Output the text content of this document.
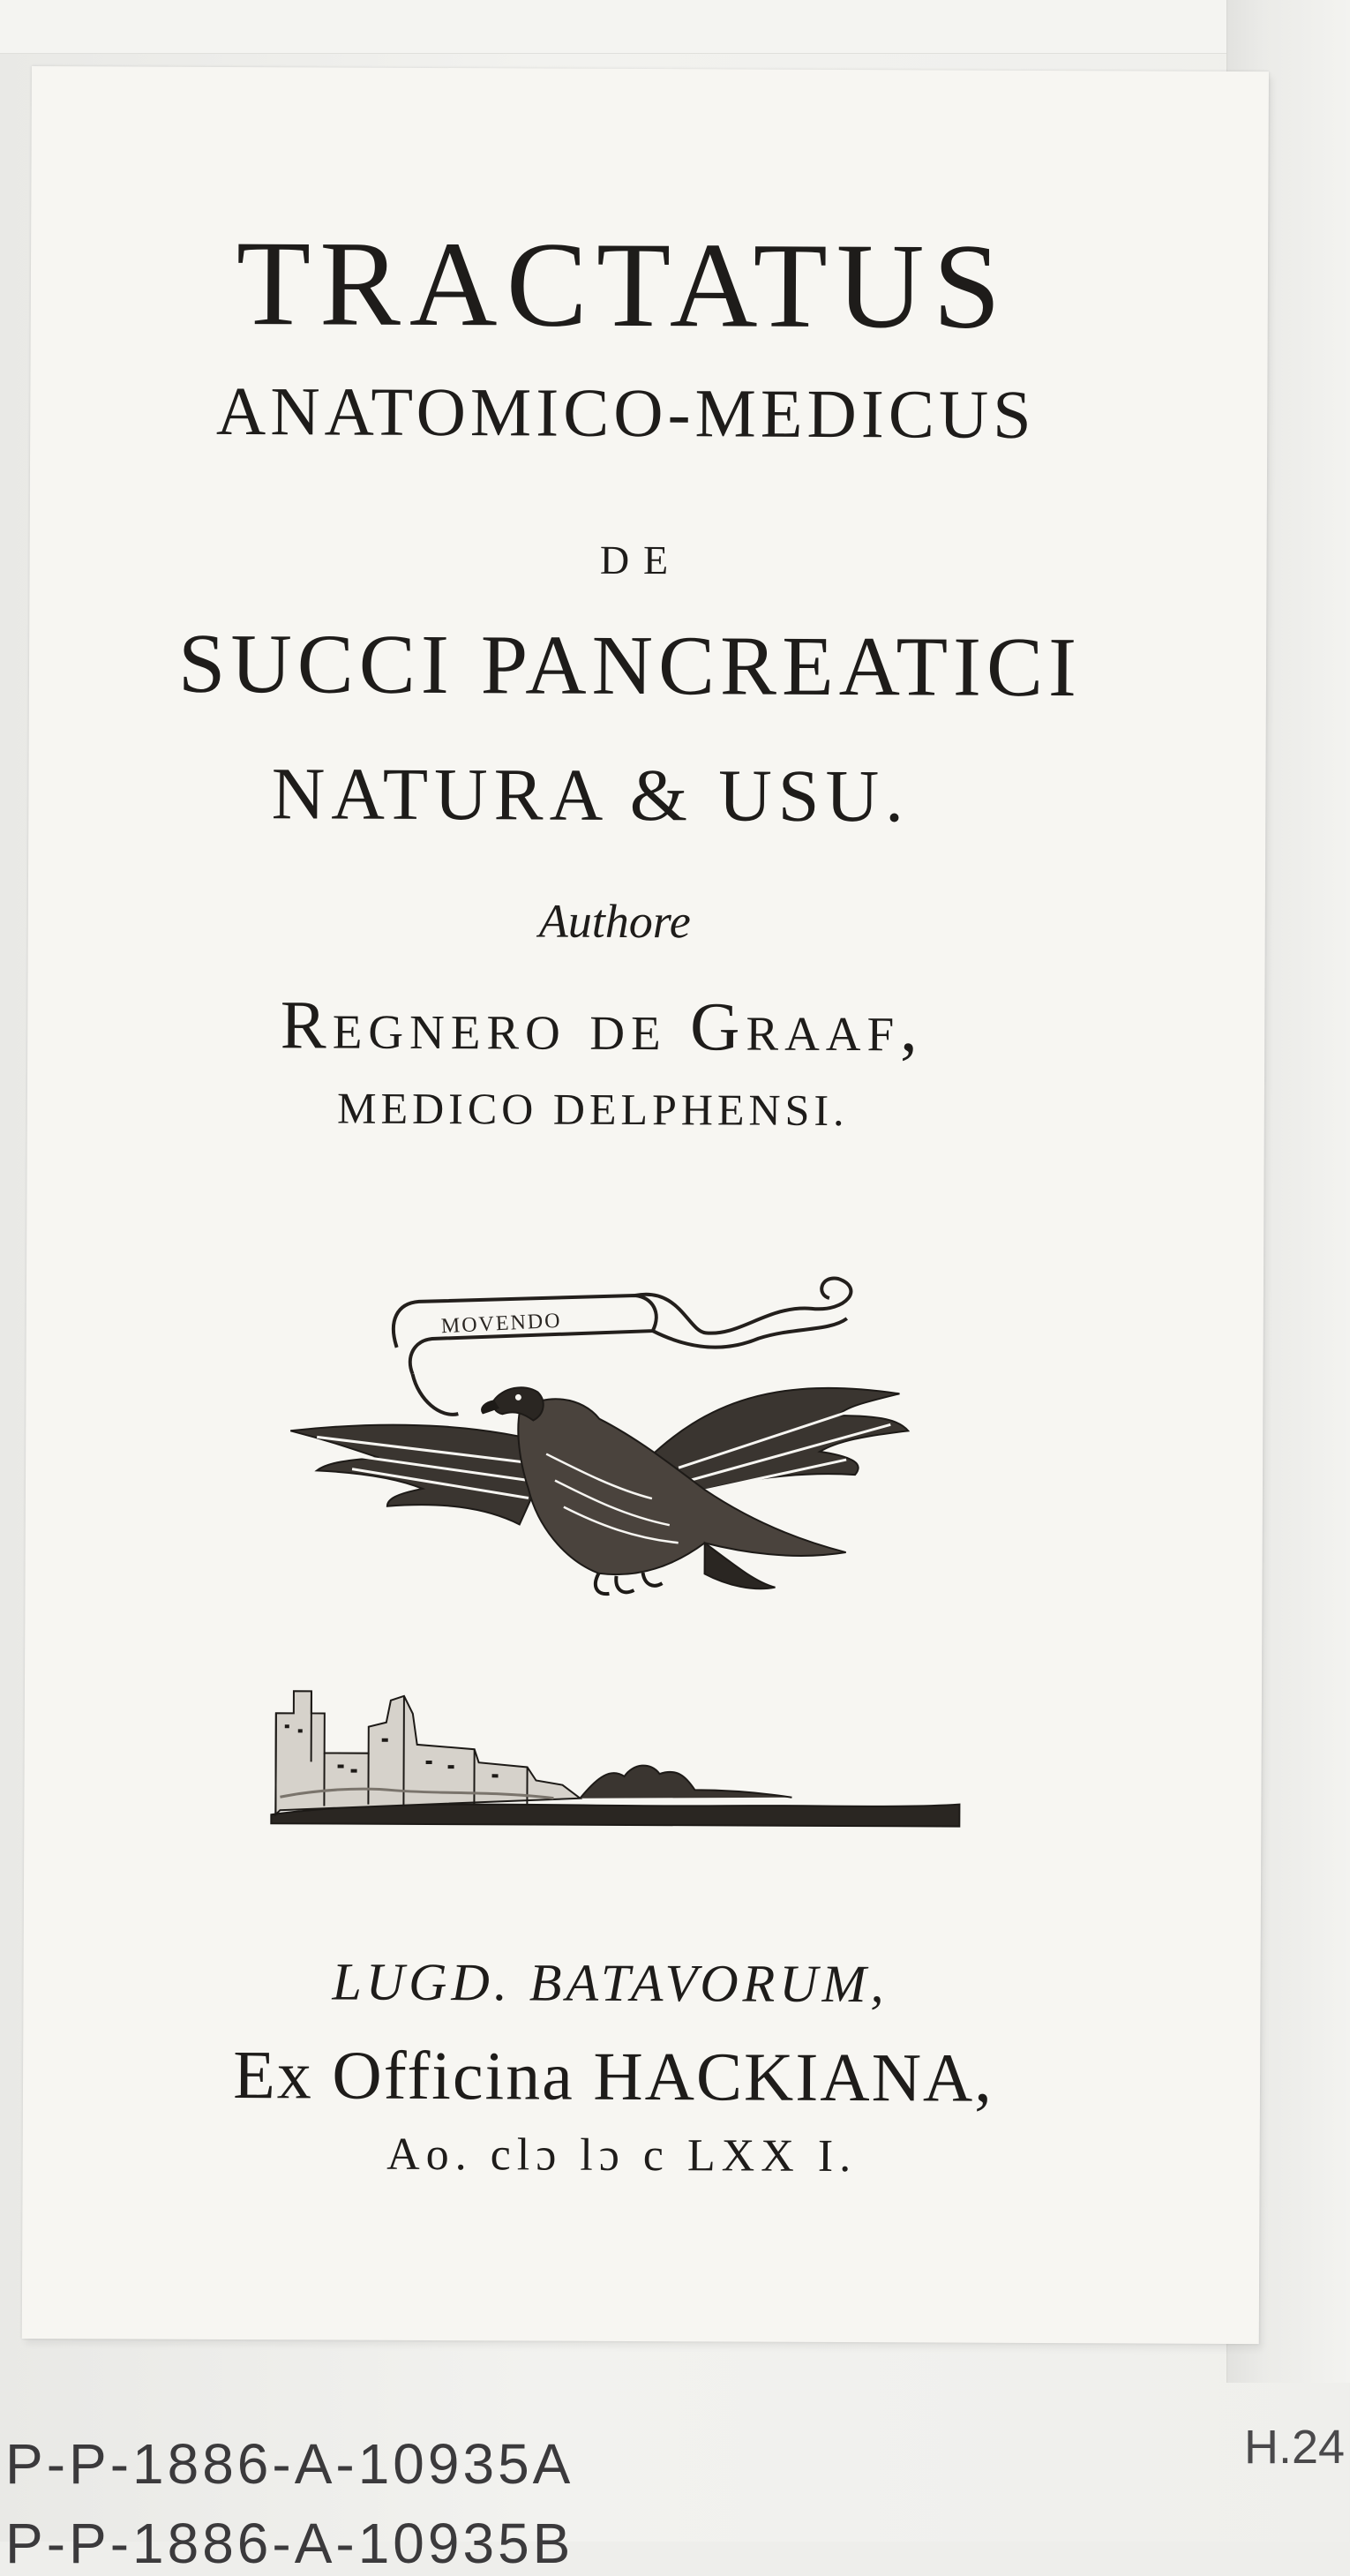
TRACTATUS
ANATOMICO-MEDICUS
DE
SUCCI PANCREATICI
NATURA & USU.
Authore
Regnero de Graaf,
MEDICO DELPHENSI.
MOVENDO
LUGD. BATAVORUM,
Ex Officina HACKIANA,
Ao. clɔ lɔ c LXX I.
P-P-1886-A-10935A
P-P-1886-A-10935B
H.24
